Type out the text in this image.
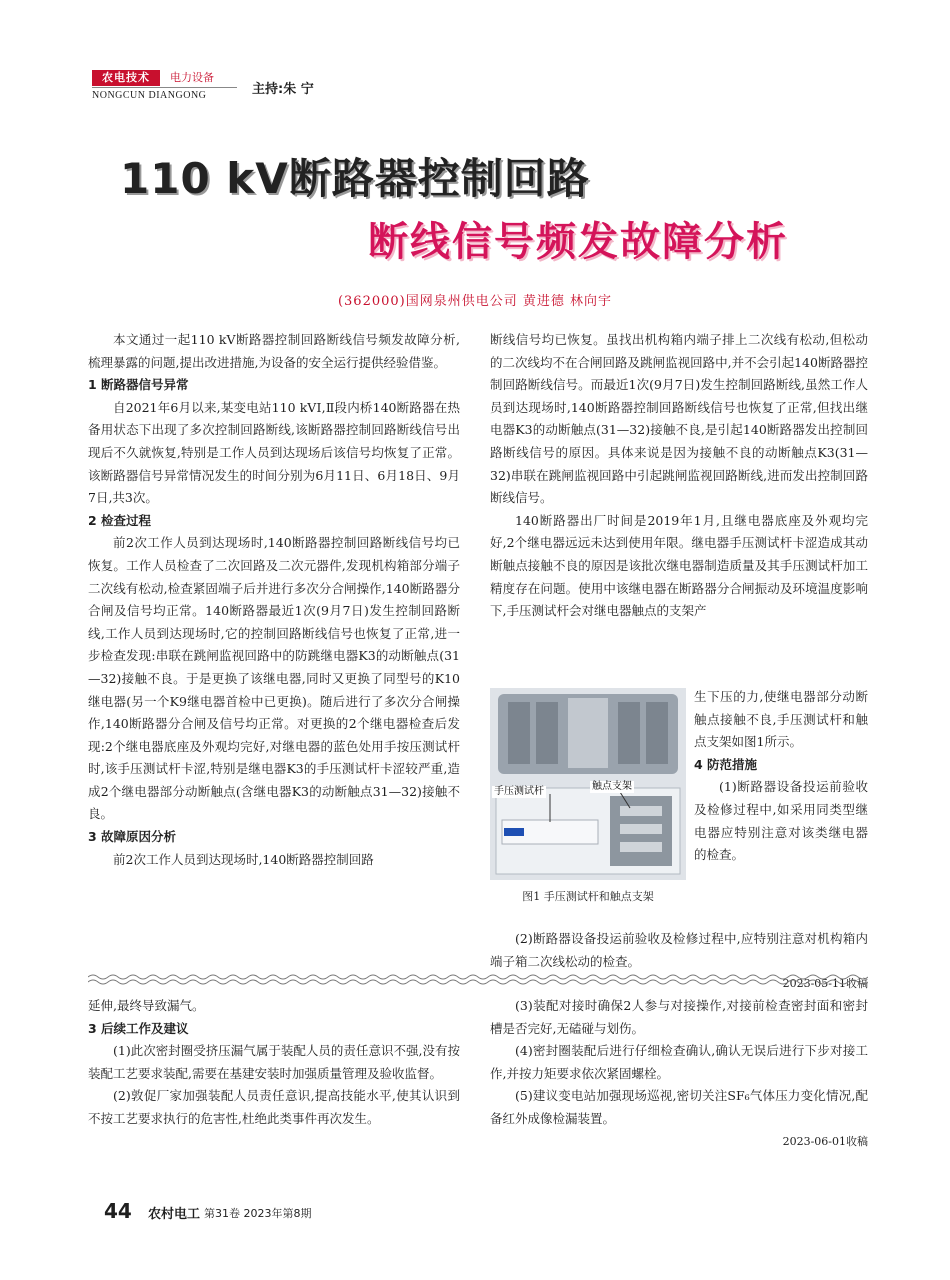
农电技术	电力设备
NONGCUN DIANGONG	主持:朱 宁
110 kV断路器控制回路
断线信号频发故障分析
(362000)国网泉州供电公司 黄进德 林向宇

本文通过一起110 kV断路器控制回路断线信号频发故障分析,梳理暴露的问题,提出改进措施,为设备的安全运行提供经验借鉴。

1 断路器信号异常

自2021年6月以来,某变电站110 kVⅠ,Ⅱ段内桥140断路器在热备用状态下出现了多次控制回路断线,该断路器控制回路断线信号出现后不久就恢复,特别是工作人员到达现场后该信号均恢复了正常。该断路器信号异常情况发生的时间分别为6月11日、6月18日、9月7日,共3次。

2 检查过程

前2次工作人员到达现场时,140断路器控制回路断线信号均已恢复。工作人员检查了二次回路及二次元器件,发现机构箱部分端子二次线有松动,检查紧固端子后并进行多次分合闸操作,140断路器分合闸及信号均正常。140断路器最近1次(9月7日)发生控制回路断线,工作人员到达现场时,它的控制回路断线信号也恢复了正常,进一步检查发现:串联在跳闸监视回路中的防跳继电器K3的动断触点(31—32)接触不良。于是更换了该继电器,同时又更换了同型号的K10继电器(另一个K9继电器首检中已更换)。随后进行了多次分合闸操作,140断路器分合闸及信号均正常。对更换的2个继电器检查后发现:2个继电器底座及外观均完好,对继电器的蓝色处用手按压测试杆时,该手压测试杆卡涩,特别是继电器K3的手压测试杆卡涩较严重,造成2个继电器部分动断触点(含继电器K3的动断触点31—32)接触不良。

3 故障原因分析

前2次工作人员到达现场时,140断路器控制回路

断线信号均已恢复。虽找出机构箱内端子排上二次线有松动,但松动的二次线均不在合闸回路及跳闸监视回路中,并不会引起140断路器控制回路断线信号。而最近1次(9月7日)发生控制回路断线,虽然工作人员到达现场时,140断路器控制回路断线信号也恢复了正常,但找出继电器K3的动断触点(31—32)接触不良,是引起140断路器发出控制回路断线信号的原因。具体来说是因为接触不良的动断触点K3(31—32)串联在跳闸监视回路中引起跳闸监视回路断线,进而发出控制回路断线信号。

140断路器出厂时间是2019年1月,且继电器底座及外观均完好,2个继电器远远未达到使用年限。继电器手压测试杆卡涩造成其动断触点接触不良的原因是该批次继电器制造质量及其手压测试杆加工精度存在问题。使用中该继电器在断路器分合闸振动及环境温度影响下,手压测试杆会对继电器触点的支架产

手压测试杆	触点支架
图1 手压测试杆和触点支架

生下压的力,使继电器部分动断触点接触不良,手压测试杆和触点支架如图1所示。

4 防范措施

(1)断路器设备投运前验收及检修过程中,如采用同类型继电器应特别注意对该类继电器的检查。

(2)断路器设备投运前验收及检修过程中,应特别注意对机构箱内端子箱二次线松动的检查。

2023-05-11收稿

延伸,最终导致漏气。

3 后续工作及建议

(1)此次密封圈受挤压漏气属于装配人员的责任意识不强,没有按装配工艺要求装配,需要在基建安装时加强质量管理及验收监督。

(2)敦促厂家加强装配人员责任意识,提高技能水平,使其认识到不按工艺要求执行的危害性,杜绝此类事件再次发生。

(3)装配对接时确保2人参与对接操作,对接前检查密封面和密封槽是否完好,无磕碰与划伤。

(4)密封圈装配后进行仔细检查确认,确认无误后进行下步对接工作,并按力矩要求依次紧固螺栓。

(5)建议变电站加强现场巡视,密切关注SF₆气体压力变化情况,配备红外成像检漏装置。

2023-06-01收稿
44 农村电工 第31卷 2023年第8期
